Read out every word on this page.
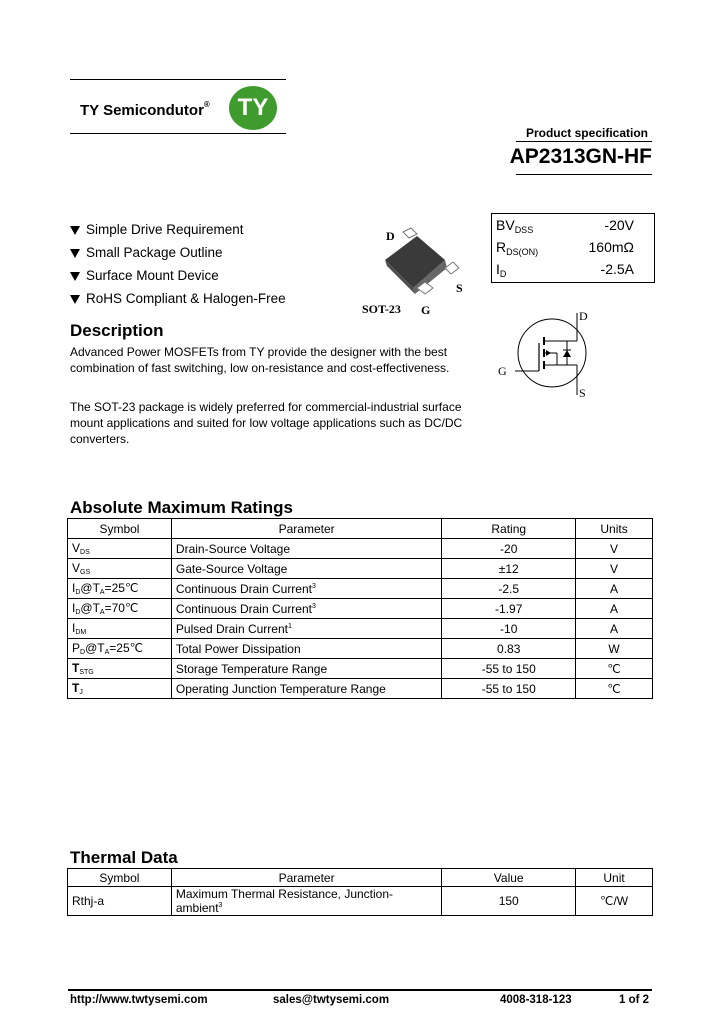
TY Semicondutor®	TY
Product specification
AP2313GN-HF
Simple Drive Requirement
Small Package Outline
Surface Mount Device
RoHS Compliant & Halogen-Free
D
S
G
SOT-23
$BV_{DSS}$	-20V
$R_{DS(ON)}$	160mΩ
$I_D$	-2.5A
D
G
S
Description
Advanced Power MOSFETs from TY provide the designer with the best combination of fast switching, low on-resistance and cost-effectiveness.
The SOT-23 package is widely preferred for commercial-industrial surface mount applications and suited for low voltage applications such as DC/DC converters.
Absolute Maximum Ratings
Symbol	Parameter	Rating	Units
$V_{DS}$	Drain-Source Voltage	-20	V
$V_{GS}$	Gate-Source Voltage	±12	V
$I_D@T_A=25℃$	Continuous Drain Current$^3$	-2.5	A
$I_D@T_A=70℃$	Continuous Drain Current$^3$	-1.97	A
$I_{DM}$	Pulsed Drain Current$^1$	-10	A
$P_D@T_A=25℃$	Total Power Dissipation	0.83	W
$T_{STG}$	Storage Temperature Range	-55 to 150	℃
$T_J$	Operating Junction Temperature Range	-55 to 150	℃
Thermal Data
Symbol	Parameter	Value	Unit
Rthj-a	Maximum Thermal Resistance, Junction-ambient$^3$	150	℃/W
http://www.twtysemi.com	sales@twtysemi.com	4008-318-123	1 of 2
